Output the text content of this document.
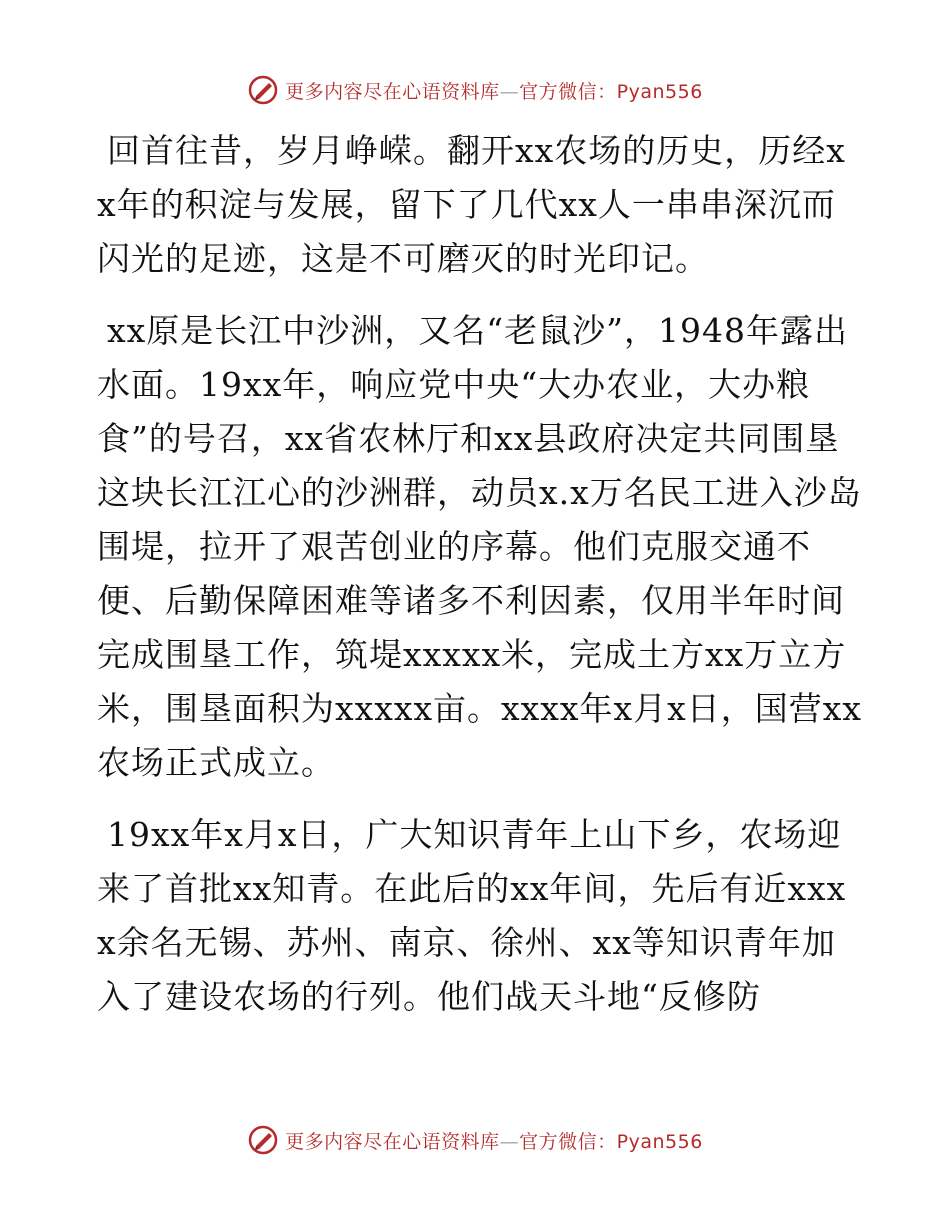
更多内容尽在心语资料库—官方微信：Pyan556

回首往昔，岁月峥嵘。翻开xx农场的历史，历经xx年的积淀与发展，留下了几代xx人一串串深沉而闪光的足迹，这是不可磨灭的时光印记。

xx原是长江中沙洲，又名“老鼠沙”，1948年露出水面。19xx年，响应党中央“大办农业，大办粮食”的号召，xx省农林厅和xx县政府决定共同围垦这块长江江心的沙洲群，动员x.x万名民工进入沙岛围堤，拉开了艰苦创业的序幕。他们克服交通不便、后勤保障困难等诸多不利因素，仅用半年时间完成围垦工作，筑堤xxxxx米，完成土方xx万立方米，围垦面积为xxxxx亩。xxxx年x月x日，国营xx农场正式成立。

19xx年x月x日，广大知识青年上山下乡，农场迎来了首批xx知青。在此后的xx年间，先后有近xxxx余名无锡、苏州、南京、徐州、xx等知识青年加入了建设农场的行列。他们战天斗地“反修防

更多内容尽在心语资料库—官方微信：Pyan556
